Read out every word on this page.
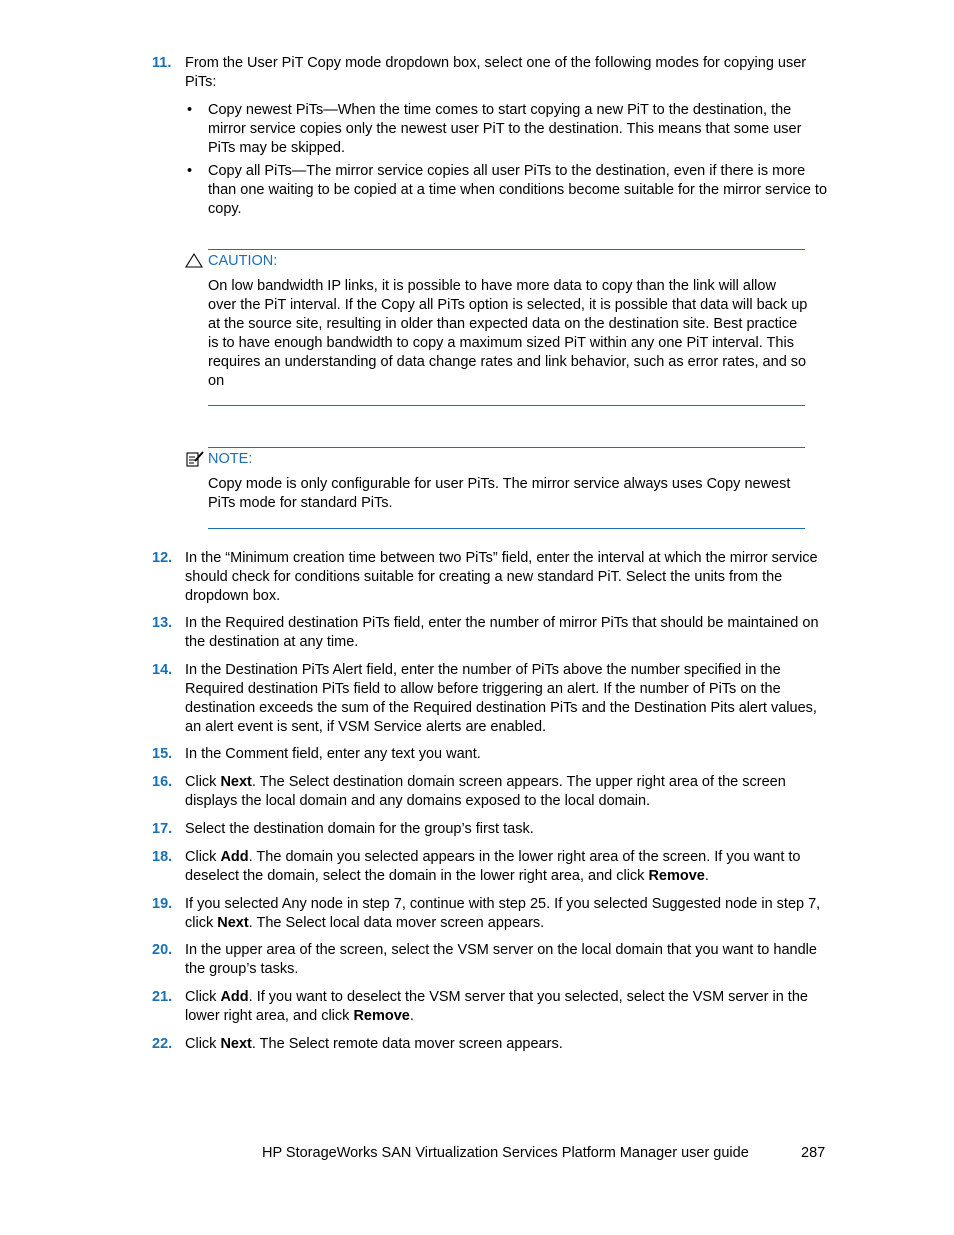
11. From the User PiT Copy mode dropdown box, select one of the following modes for copying user PiTs:
• Copy newest PiTs—When the time comes to start copying a new PiT to the destination, the mirror service copies only the newest user PiT to the destination. This means that some user PiTs may be skipped.
• Copy all PiTs—The mirror service copies all user PiTs to the destination, even if there is more than one waiting to be copied at a time when conditions become suitable for the mirror service to copy.
CAUTION:
On low bandwidth IP links, it is possible to have more data to copy than the link will allow over the PiT interval. If the Copy all PiTs option is selected, it is possible that data will back up at the source site, resulting in older than expected data on the destination site. Best practice is to have enough bandwidth to copy a maximum sized PiT within any one PiT interval. This requires an understanding of data change rates and link behavior, such as error rates, and so on
NOTE:
Copy mode is only configurable for user PiTs. The mirror service always uses Copy newest PiTs mode for standard PiTs.
12. In the “Minimum creation time between two PiTs” field, enter the interval at which the mirror service should check for conditions suitable for creating a new standard PiT. Select the units from the dropdown box.
13. In the Required destination PiTs field, enter the number of mirror PiTs that should be maintained on the destination at any time.
14. In the Destination PiTs Alert field, enter the number of PiTs above the number specified in the Required destination PiTs field to allow before triggering an alert. If the number of PiTs on the destination exceeds the sum of the Required destination PiTs and the Destination Pits alert values, an alert event is sent, if VSM Service alerts are enabled.
15. In the Comment field, enter any text you want.
16. Click Next. The Select destination domain screen appears. The upper right area of the screen displays the local domain and any domains exposed to the local domain.
17. Select the destination domain for the group’s first task.
18. Click Add. The domain you selected appears in the lower right area of the screen. If you want to deselect the domain, select the domain in the lower right area, and click Remove.
19. If you selected Any node in step 7, continue with step 25. If you selected Suggested node in step 7, click Next. The Select local data mover screen appears.
20. In the upper area of the screen, select the VSM server on the local domain that you want to handle the group’s tasks.
21. Click Add. If you want to deselect the VSM server that you selected, select the VSM server in the lower right area, and click Remove.
22. Click Next. The Select remote data mover screen appears.
HP StorageWorks SAN Virtualization Services Platform Manager user guide	287
